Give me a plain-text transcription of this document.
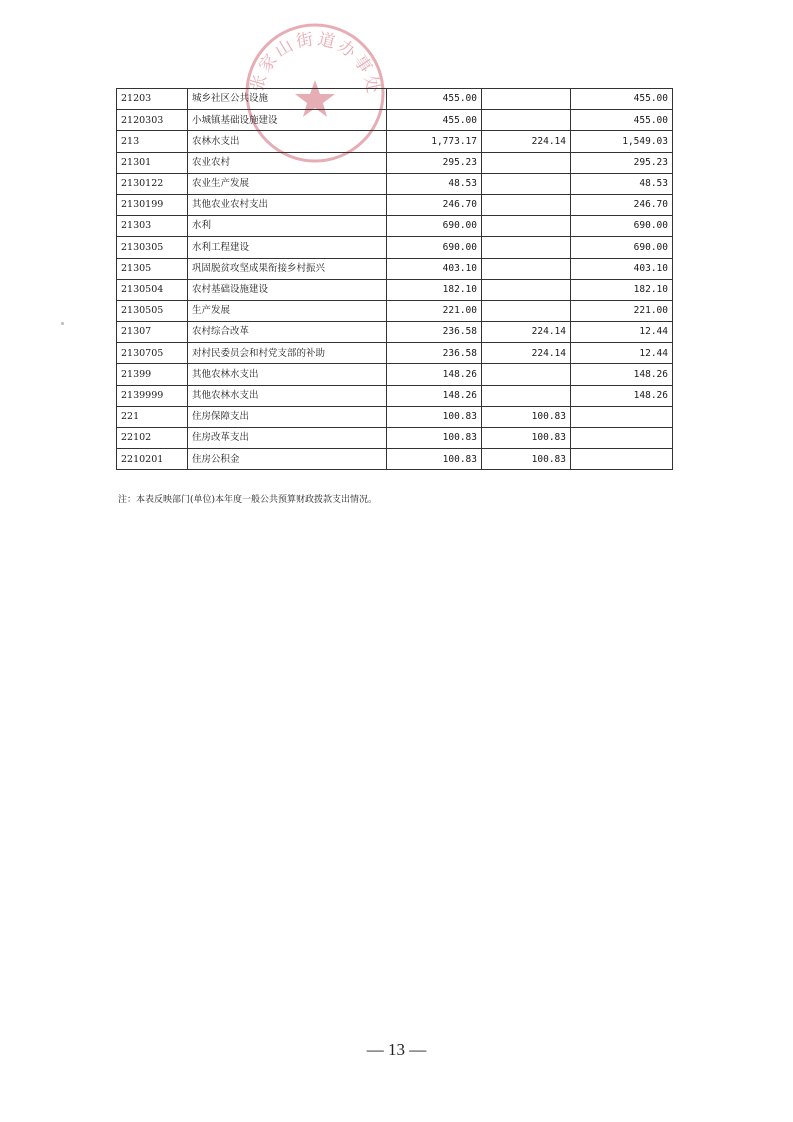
张家山街道办事处
21203	城乡社区公共设施	455.00		455.00
2120303	小城镇基础设施建设	455.00		455.00
213	农林水支出	1,773.17	224.14	1,549.03
21301	农业农村	295.23		295.23
2130122	农业生产发展	48.53		48.53
2130199	其他农业农村支出	246.70		246.70
21303	水利	690.00		690.00
2130305	水利工程建设	690.00		690.00
21305	巩固脱贫攻坚成果衔接乡村振兴	403.10		403.10
2130504	农村基础设施建设	182.10		182.10
2130505	生产发展	221.00		221.00
21307	农村综合改革	236.58	224.14	12.44
2130705	对村民委员会和村党支部的补助	236.58	224.14	12.44
21399	其他农林水支出	148.26		148.26
2139999	其他农林水支出	148.26		148.26
221	住房保障支出	100.83	100.83	
22102	住房改革支出	100.83	100.83	
2210201	住房公积金	100.83	100.83	
注：本表反映部门(单位)本年度一般公共预算财政拨款支出情况。
— 13 —
